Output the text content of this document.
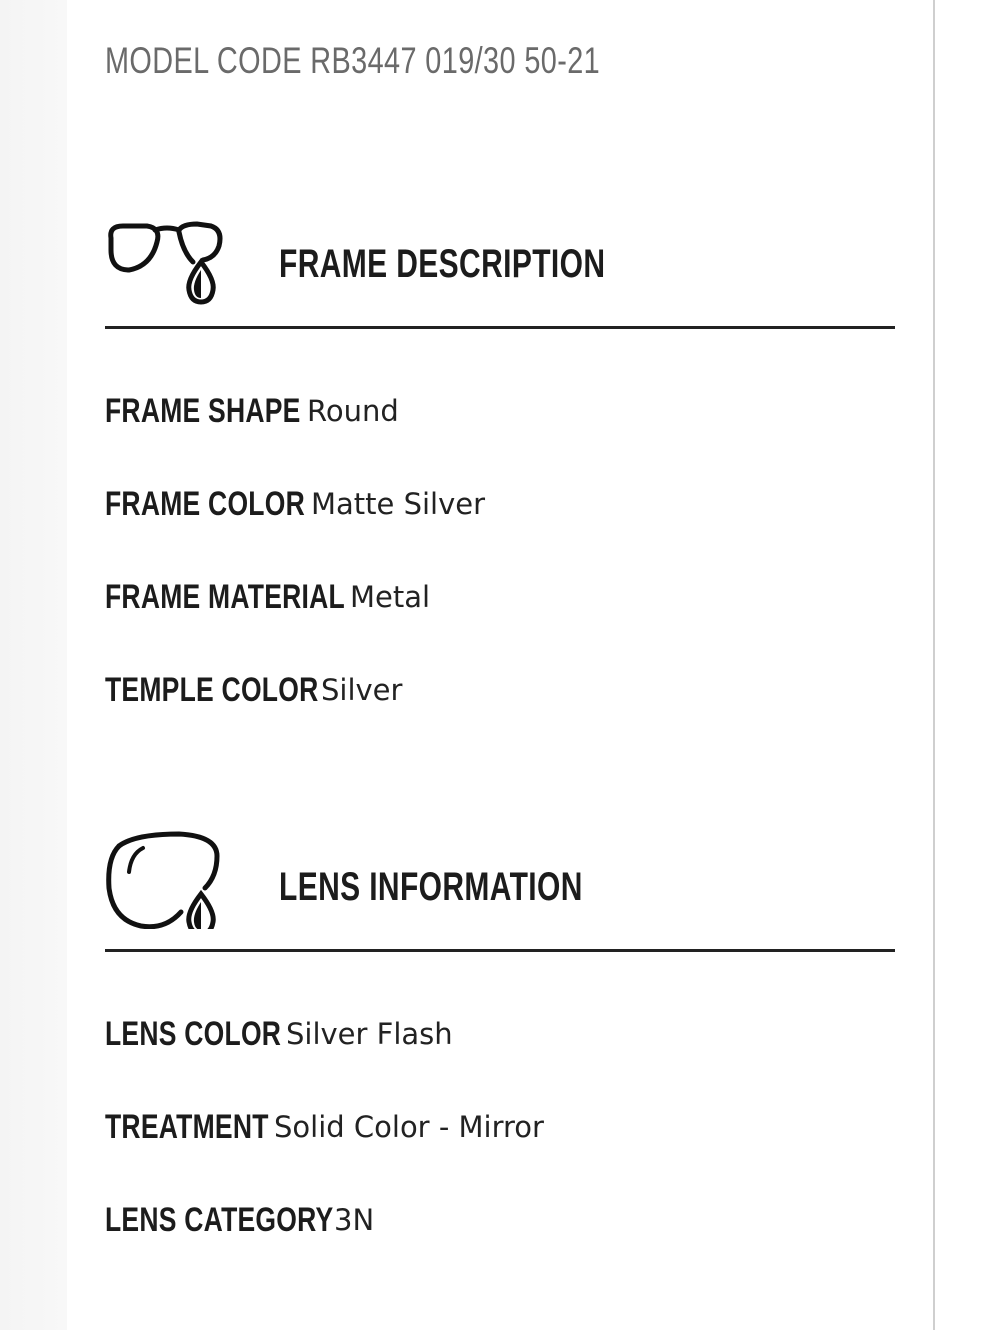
MODEL CODE RB3447 019/30 50-21
FRAME DESCRIPTION
FRAME SHAPE Round
FRAME COLOR Matte Silver
FRAME MATERIAL Metal
TEMPLE COLOR Silver
LENS INFORMATION
LENS COLOR Silver Flash
TREATMENT Solid Color - Mirror
LENS CATEGORY 3N
